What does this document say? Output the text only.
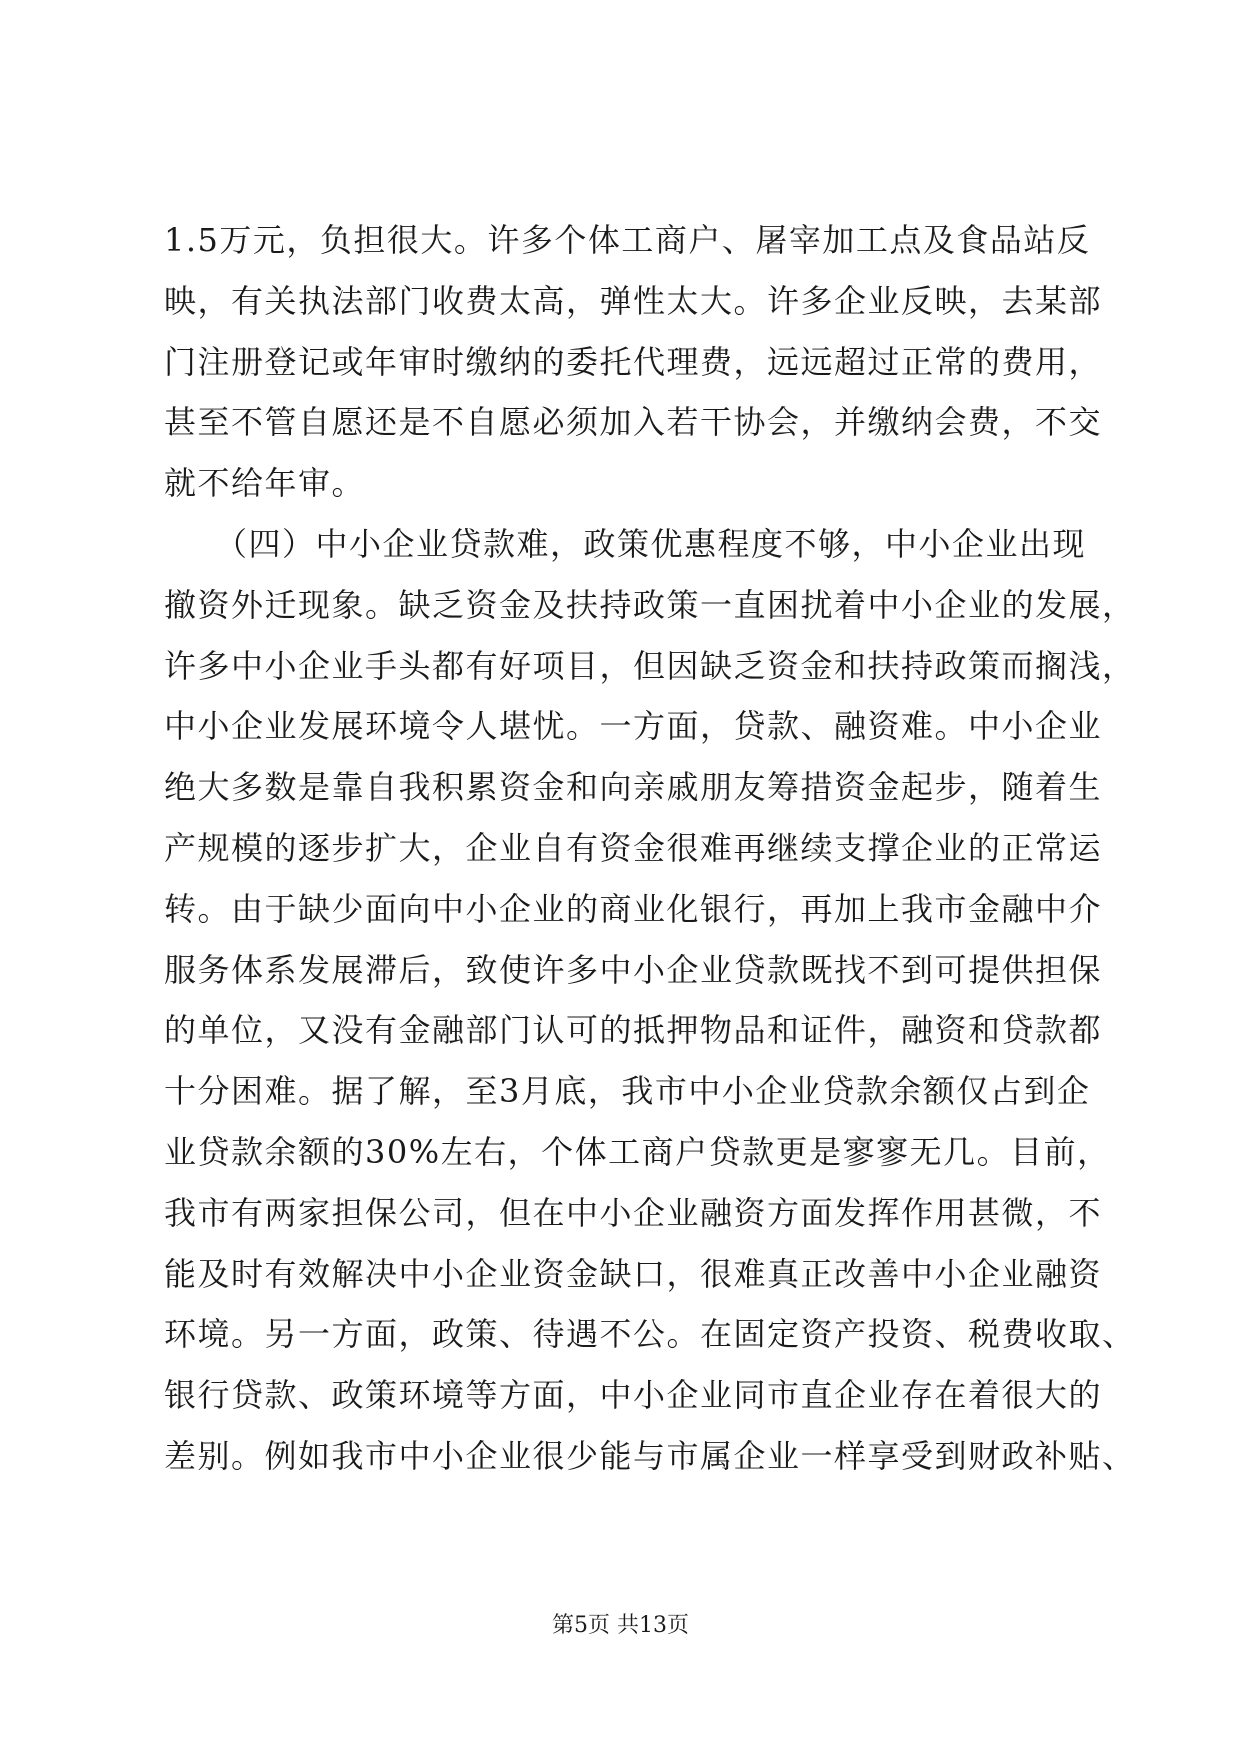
1.5万元，负担很大。许多个体工商户、屠宰加工点及食品站反
映，有关执法部门收费太高，弹性太大。许多企业反映，去某部
门注册登记或年审时缴纳的委托代理费，远远超过正常的费用，
甚至不管自愿还是不自愿必须加入若干协会，并缴纳会费，不交
就不给年审。
　　（四）中小企业贷款难，政策优惠程度不够，中小企业出现
撤资外迁现象。缺乏资金及扶持政策一直困扰着中小企业的发展，
许多中小企业手头都有好项目，但因缺乏资金和扶持政策而搁浅，
中小企业发展环境令人堪忧。一方面，贷款、融资难。中小企业
绝大多数是靠自我积累资金和向亲戚朋友筹措资金起步，随着生
产规模的逐步扩大，企业自有资金很难再继续支撑企业的正常运
转。由于缺少面向中小企业的商业化银行，再加上我市金融中介
服务体系发展滞后，致使许多中小企业贷款既找不到可提供担保
的单位，又没有金融部门认可的抵押物品和证件，融资和贷款都
十分困难。据了解，至3月底，我市中小企业贷款余额仅占到企
业贷款余额的30%左右，个体工商户贷款更是寥寥无几。目前，
我市有两家担保公司，但在中小企业融资方面发挥作用甚微，不
能及时有效解决中小企业资金缺口，很难真正改善中小企业融资
环境。另一方面，政策、待遇不公。在固定资产投资、税费收取、
银行贷款、政策环境等方面，中小企业同市直企业存在着很大的
差别。例如我市中小企业很少能与市属企业一样享受到财政补贴、
第5页 共13页
